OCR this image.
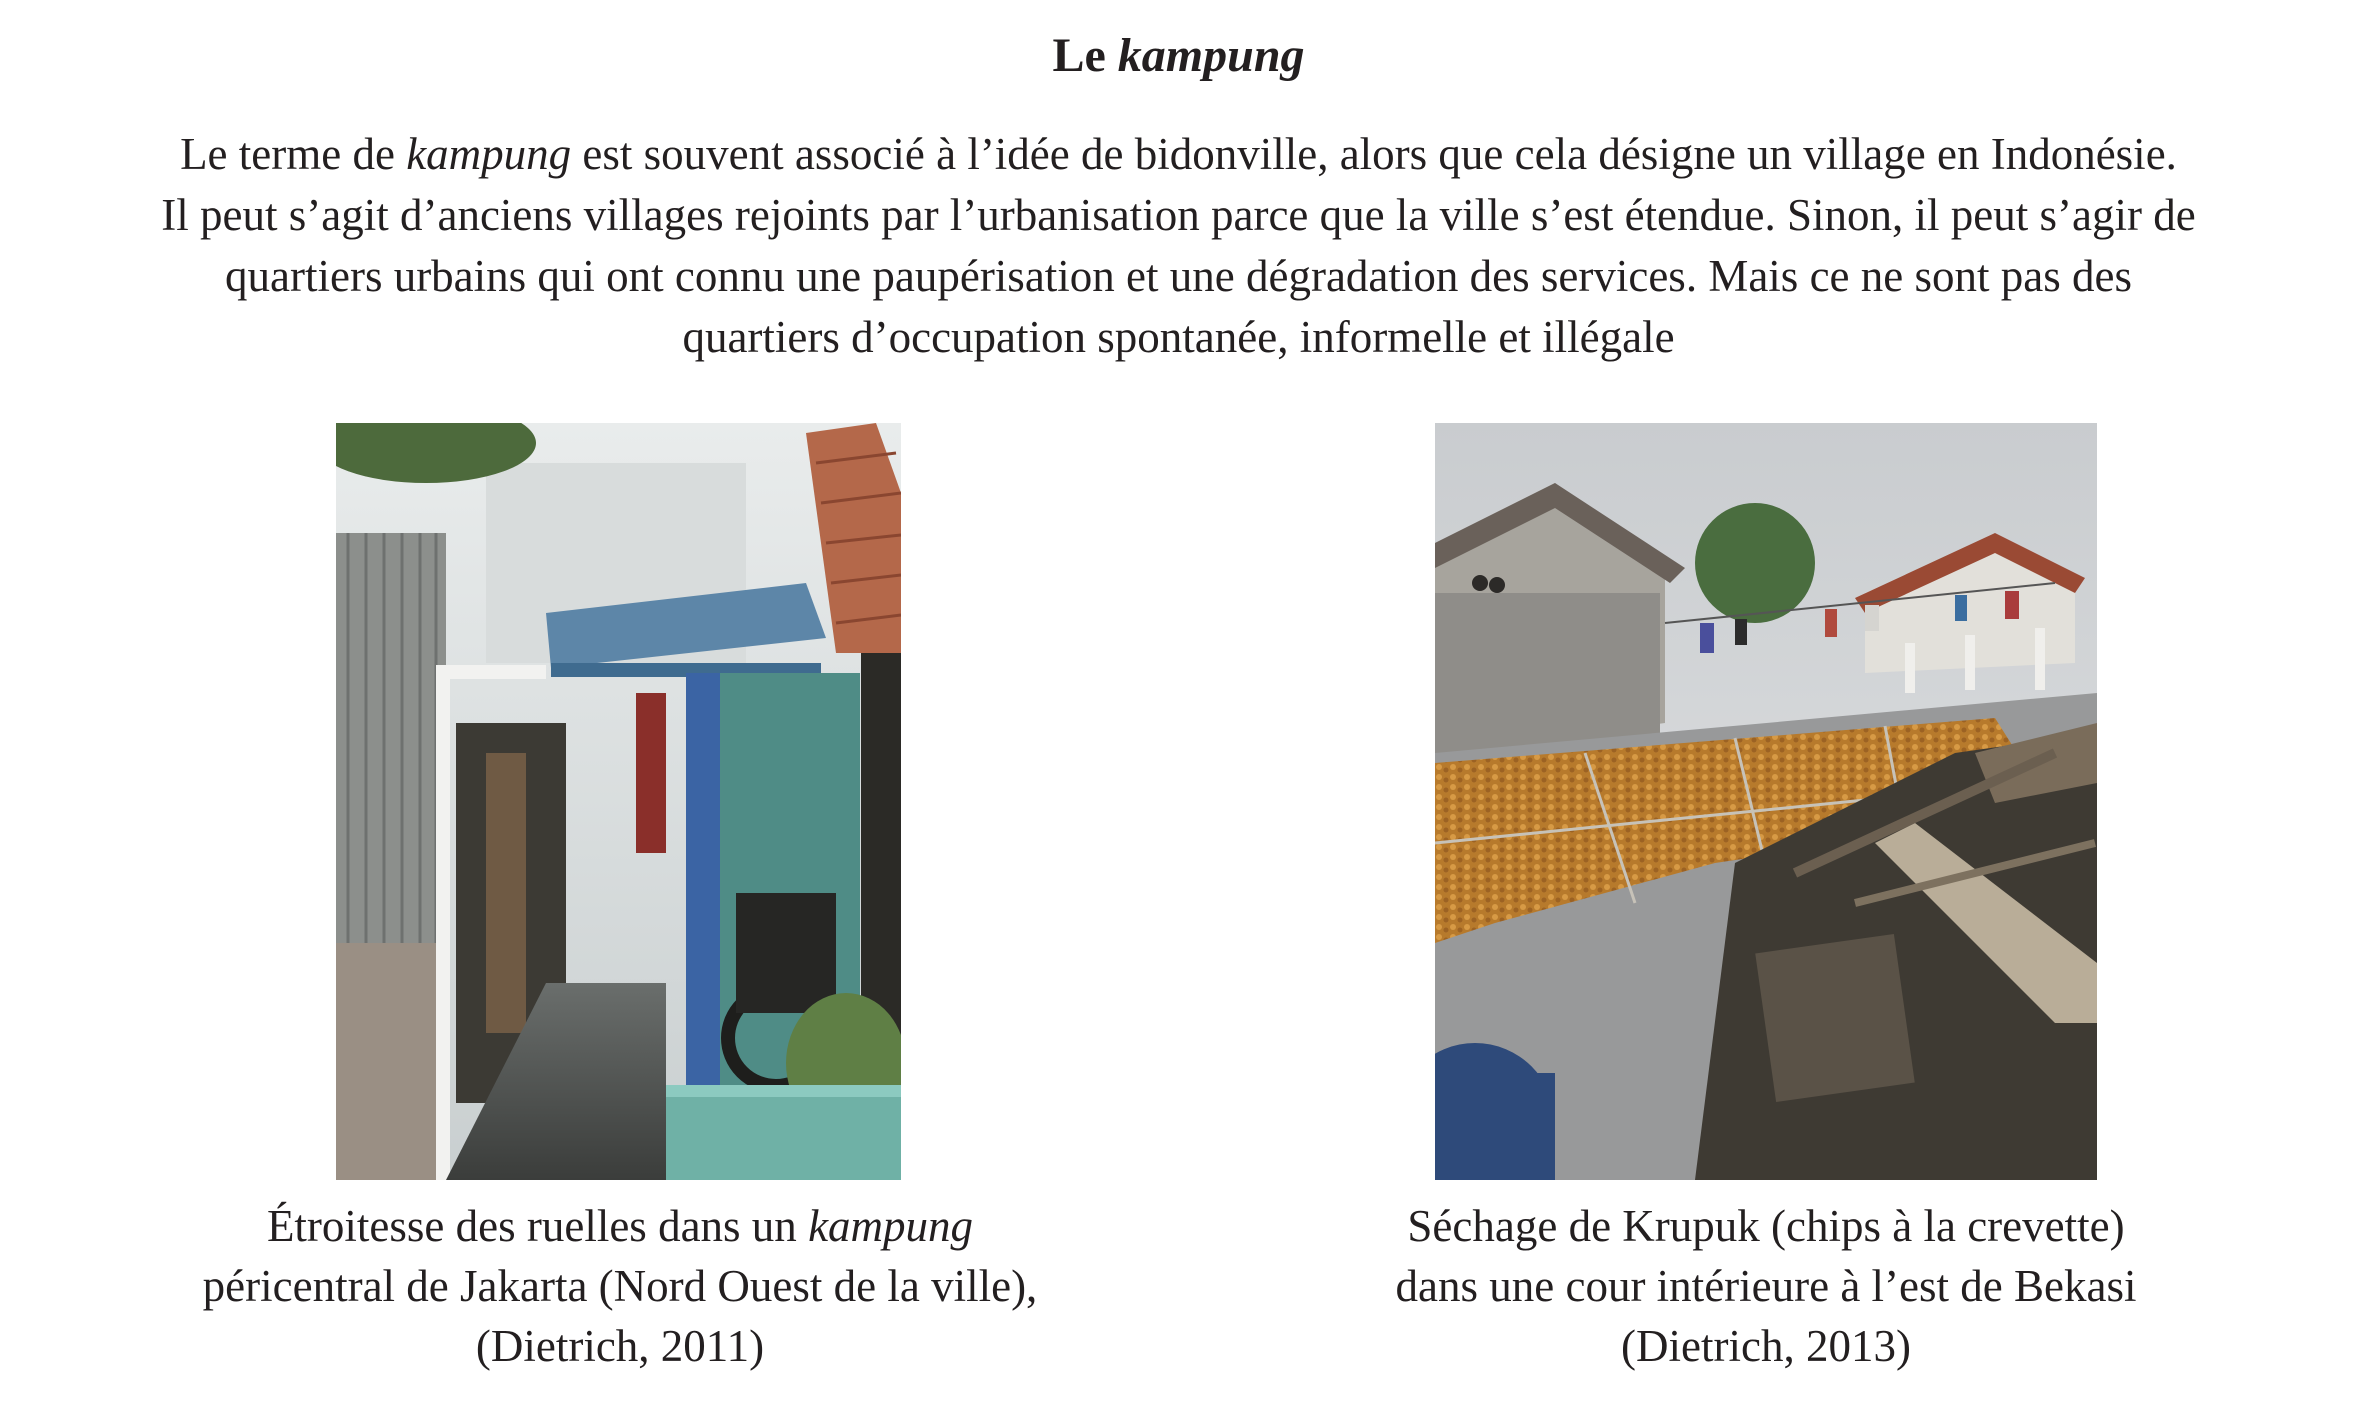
Le kampung
Le terme de kampung est souvent associé à l’idée de bidonville, alors que cela désigne un village en Indonésie.
Il peut s’agit d’anciens villages rejoints par l’urbanisation parce que la ville s’est étendue. Sinon, il peut s’agir de
quartiers urbains qui ont connu une paupérisation et une dégradation des services. Mais ce ne sont pas des
quartiers d’occupation spontanée, informelle et illégale
Étroitesse des ruelles dans un kampung
péricentral de Jakarta (Nord Ouest de la ville),
(Dietrich, 2011)
Séchage de Krupuk (chips à la crevette)
dans une cour intérieure à l’est de Bekasi
(Dietrich, 2013)
